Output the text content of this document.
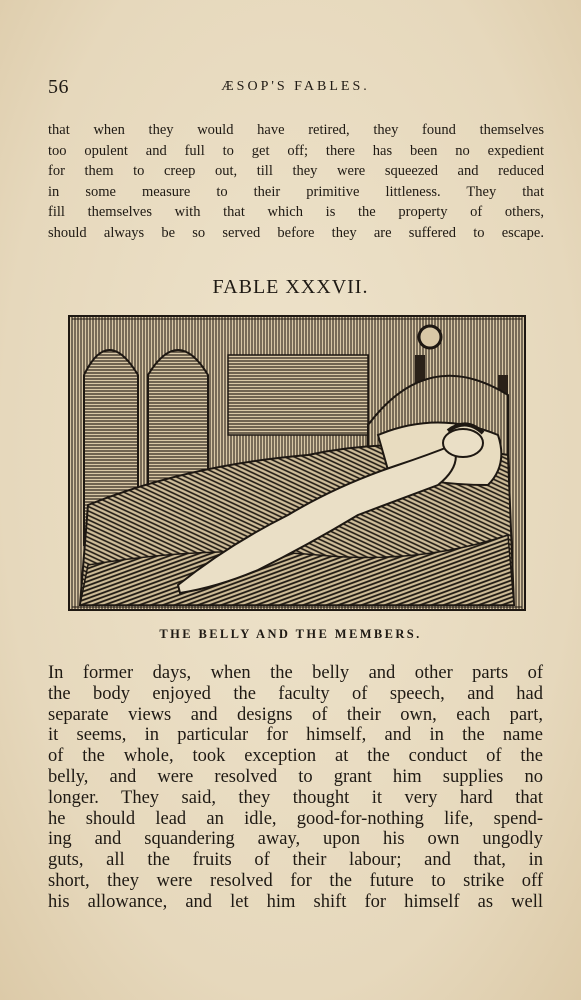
56	ÆSOP'S FABLES.
that when they would have retired, they found themselves
too opulent and full to get off; there has been no expedient
for them to creep out, till they were squeezed and reduced
in some measure to their primitive littleness. They that
fill themselves with that which is the property of others,
should always be so served before they are suffered to escape.
FABLE XXXVII.
THE BELLY AND THE MEMBERS.
In former days, when the belly and other parts of
the body enjoyed the faculty of speech, and had
separate views and designs of their own, each part,
it seems, in particular for himself, and in the name
of the whole, took exception at the conduct of the
belly, and were resolved to grant him supplies no
longer. They said, they thought it very hard that
he should lead an idle, good-for-nothing life, spend-
ing and squandering away, upon his own ungodly
guts, all the fruits of their labour; and that, in
short, they were resolved for the future to strike off
his allowance, and let him shift for himself as well
